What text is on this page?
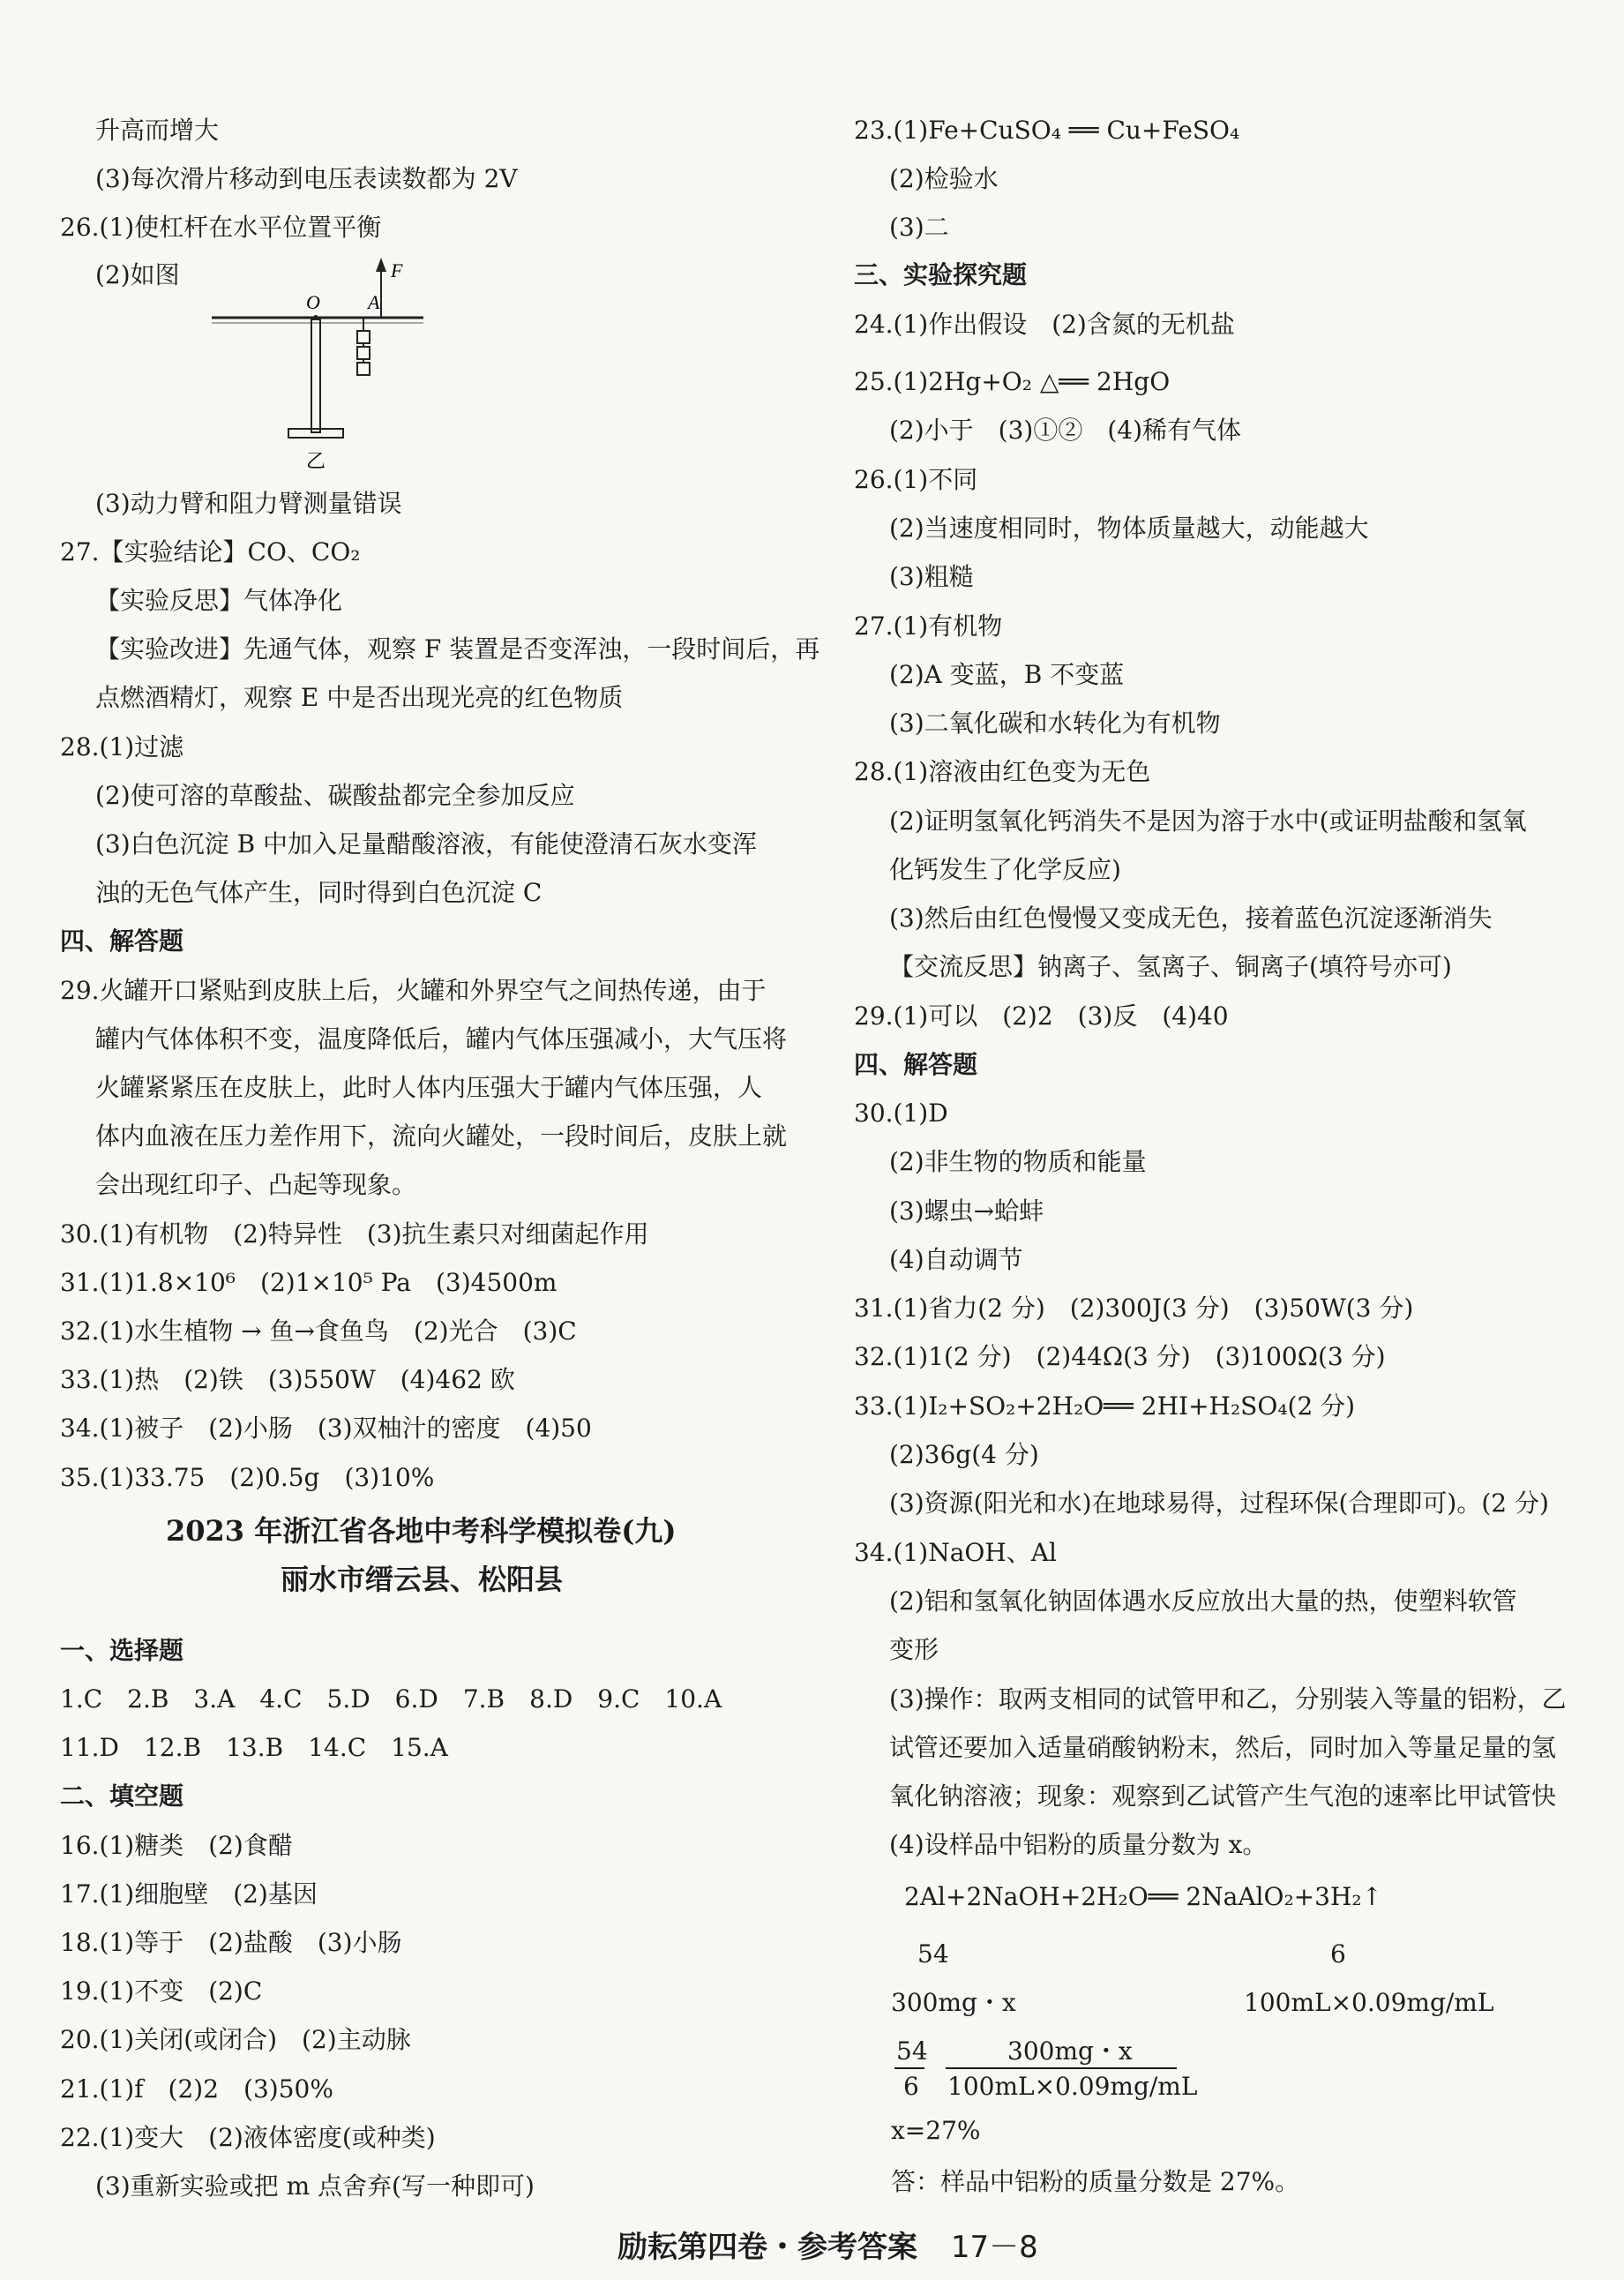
升高而增大
(3)每次滑片移动到电压表读数都为 2V
26.(1)使杠杆在水平位置平衡
(2)如图
(3)动力臂和阻力臂测量错误
27.【实验结论】CO、CO₂
【实验反思】气体净化
【实验改进】先通气体，观察 F 装置是否变浑浊，一段时间后，再
点燃酒精灯，观察 E 中是否出现光亮的红色物质
28.(1)过滤
(2)使可溶的草酸盐、碳酸盐都完全参加反应
(3)白色沉淀 B 中加入足量醋酸溶液，有能使澄清石灰水变浑
浊的无色气体产生，同时得到白色沉淀 C
四、解答题
29.火罐开口紧贴到皮肤上后，火罐和外界空气之间热传递，由于
罐内气体体积不变，温度降低后，罐内气体压强减小，大气压将
火罐紧紧压在皮肤上，此时人体内压强大于罐内气体压强，人
体内血液在压力差作用下，流向火罐处，一段时间后，皮肤上就
会出现红印子、凸起等现象。
30.(1)有机物　(2)特异性　(3)抗生素只对细菌起作用
31.(1)1.8×10⁶　(2)1×10⁵ Pa　(3)4500m
32.(1)水生植物 → 鱼→食鱼鸟　(2)光合　(3)C
33.(1)热　(2)铁　(3)550W　(4)462 欧
34.(1)被子　(2)小肠　(3)双柚汁的密度　(4)50
35.(1)33.75　(2)0.5g　(3)10%
一、选择题
1.C　2.B　3.A　4.C　5.D　6.D　7.B　8.D　9.C　10.A
11.D　12.B　13.B　14.C　15.A
二、填空题
16.(1)糖类　(2)食醋
17.(1)细胞壁　(2)基因
18.(1)等于　(2)盐酸　(3)小肠
19.(1)不变　(2)C
20.(1)关闭(或闭合)　(2)主动脉
21.(1)f　(2)2　(3)50%
22.(1)变大　(2)液体密度(或种类)
(3)重新实验或把 m 点舍弃(写一种即可)
23.(1)Fe+CuSO₄ ══ Cu+FeSO₄
(2)检验水
(3)二
三、实验探究题
24.(1)作出假设　(2)含氮的无机盐
25.(1)2Hg+O₂ △══ 2HgO
(2)小于　(3)①②　(4)稀有气体
26.(1)不同
(2)当速度相同时，物体质量越大，动能越大
(3)粗糙
27.(1)有机物
(2)A 变蓝，B 不变蓝
(3)二氧化碳和水转化为有机物
28.(1)溶液由红色变为无色
(2)证明氢氧化钙消失不是因为溶于水中(或证明盐酸和氢氧
化钙发生了化学反应)
(3)然后由红色慢慢又变成无色，接着蓝色沉淀逐渐消失
【交流反思】钠离子、氢离子、铜离子(填符号亦可)
29.(1)可以　(2)2　(3)反　(4)40
四、解答题
30.(1)D
(2)非生物的物质和能量
(3)螺虫→蛤蚌
(4)自动调节
31.(1)省力(2 分)　(2)300J(3 分)　(3)50W(3 分)
32.(1)1(2 分)　(2)44Ω(3 分)　(3)100Ω(3 分)
33.(1)I₂+SO₂+2H₂O══ 2HI+H₂SO₄(2 分)
(2)36g(4 分)
(3)资源(阳光和水)在地球易得，过程环保(合理即可)。(2 分)
34.(1)NaOH、Al
(2)铝和氢氧化钠固体遇水反应放出大量的热，使塑料软管
变形
(3)操作：取两支相同的试管甲和乙，分别装入等量的铝粉，乙
试管还要加入适量硝酸钠粉末，然后，同时加入等量足量的氢
氧化钠溶液；现象：观察到乙试管产生气泡的速率比甲试管快
(4)设样品中铝粉的质量分数为 x。
2Al+2NaOH+2H₂O══ 2NaAlO₂+3H₂↑
54	6
300mg・x	100mL×0.09mg/mL
54	300mg・x
6 100mL×0.09mg/mL
x=27%
答：样品中铝粉的质量分数是 27%。
2023 年浙江省各地中考科学模拟卷(九)
丽水市缙云县、松阳县
O A
F
乙
励耘第四卷・参考答案 17－8
